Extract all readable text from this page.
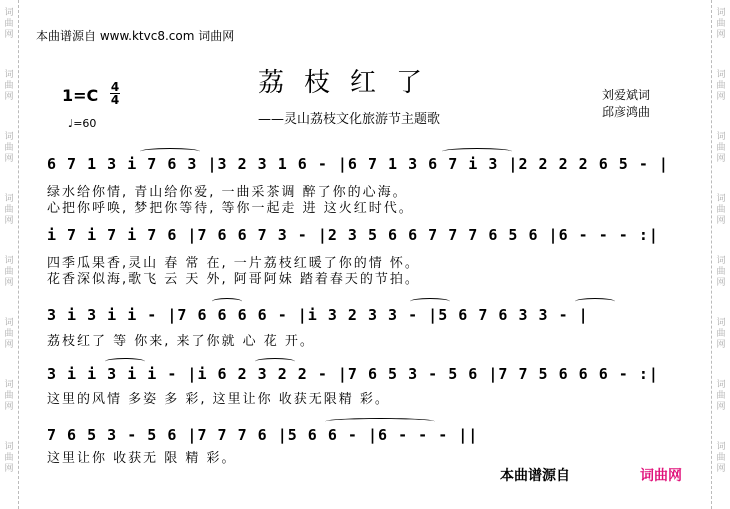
词
曲
网
词
曲
网
词
曲
网
词
曲
网
词
曲
网
词
曲
网
词
曲
网
词
曲
网
词
曲
网
词
曲
网
词
曲
网
词
曲
网
词
曲
网
词
曲
网
词
曲
网
词
曲
网
本曲谱源自 www.ktvc8.com 词曲网
荔枝红了
——灵山荔枝文化旅游节主题歌
1=C 4
4
♩=60
刘爱斌词
邱彦鸿曲
6 7 1 3 i 7 6 3 |3 2 3 1 6 - |6 7 1 3 6 7 i 3 |2 2 2 2 6 5 - |
绿水给你情, 青山给你爱, 一曲采茶调 醉了你的心海。
心把你呼唤, 梦把你等待, 等你一起走 进 这火红时代。
i 7 i 7 i 7 6 |7 6 6 7 3 - |2 3 5 6 6 7 7 7 6 5 6 |6 - - - :|
四季瓜果香,灵山 春 常 在, 一片荔枝红暖了你的情 怀。
花香深似海,歌飞 云 天 外, 阿哥阿妹 踏着春天的节拍。
3 i 3 i i - |7 6 6 6 6 - |i 3 2 3 3 - |5 6 7 6 3 3 - |
荔枝红了 等 你来, 来了你就 心 花 开。
3 i i 3 i i - |i 6 2 3 2 2 - |7 6 5 3 - 5 6 |7 7 5 6 6 6 - :|
这里的风情 多姿 多 彩, 这里让你 收获无限精 彩。
7 6 5 3 - 5 6 |7 7 7 6 |5 6 6 - |6 - - - ||
这里让你 收获无 限 精 彩。
本曲谱源自	词曲网
